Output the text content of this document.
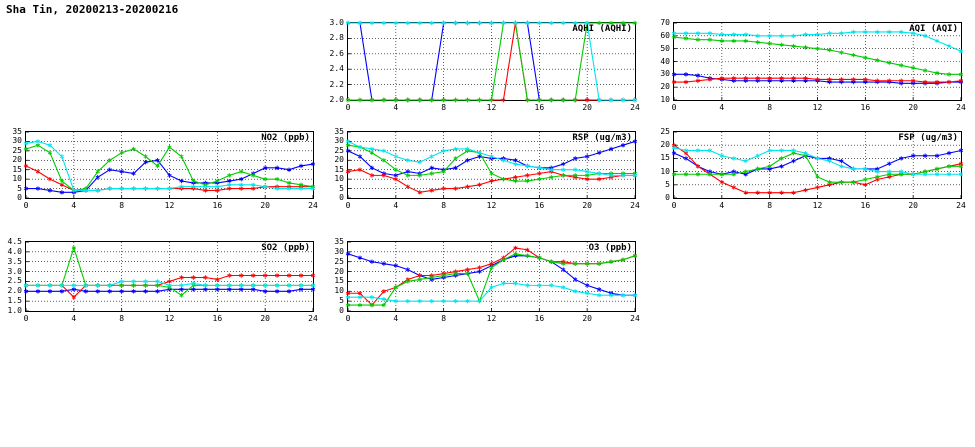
Sha Tin, 20200213-20200216
AQHI (AQHI)
0	4	8	12	16	20	24
2.0
2.2
2.4
2.6
2.8
3.0
AQI (AQI)
0	4	8	12	16	20	24
10
20
30
40
50
60
70
NO2 (ppb)
0	4	8	12	16	20	24
0
5
10
15
20
25
30
35
RSP (ug/m3)
0	4	8	12	16	20	24
0
5
10
15
20
25
30
35
FSP (ug/m3)
0	4	8	12	16	20	24
0
5
10
15
20
25
SO2 (ppb)
0	4	8	12	16	20	24
1.0
1.5
2.0
2.5
3.0
3.5
4.0
4.5
O3 (ppb)
0	4	8	12	16	20	24
0
5
10
15
20
25
30
35
